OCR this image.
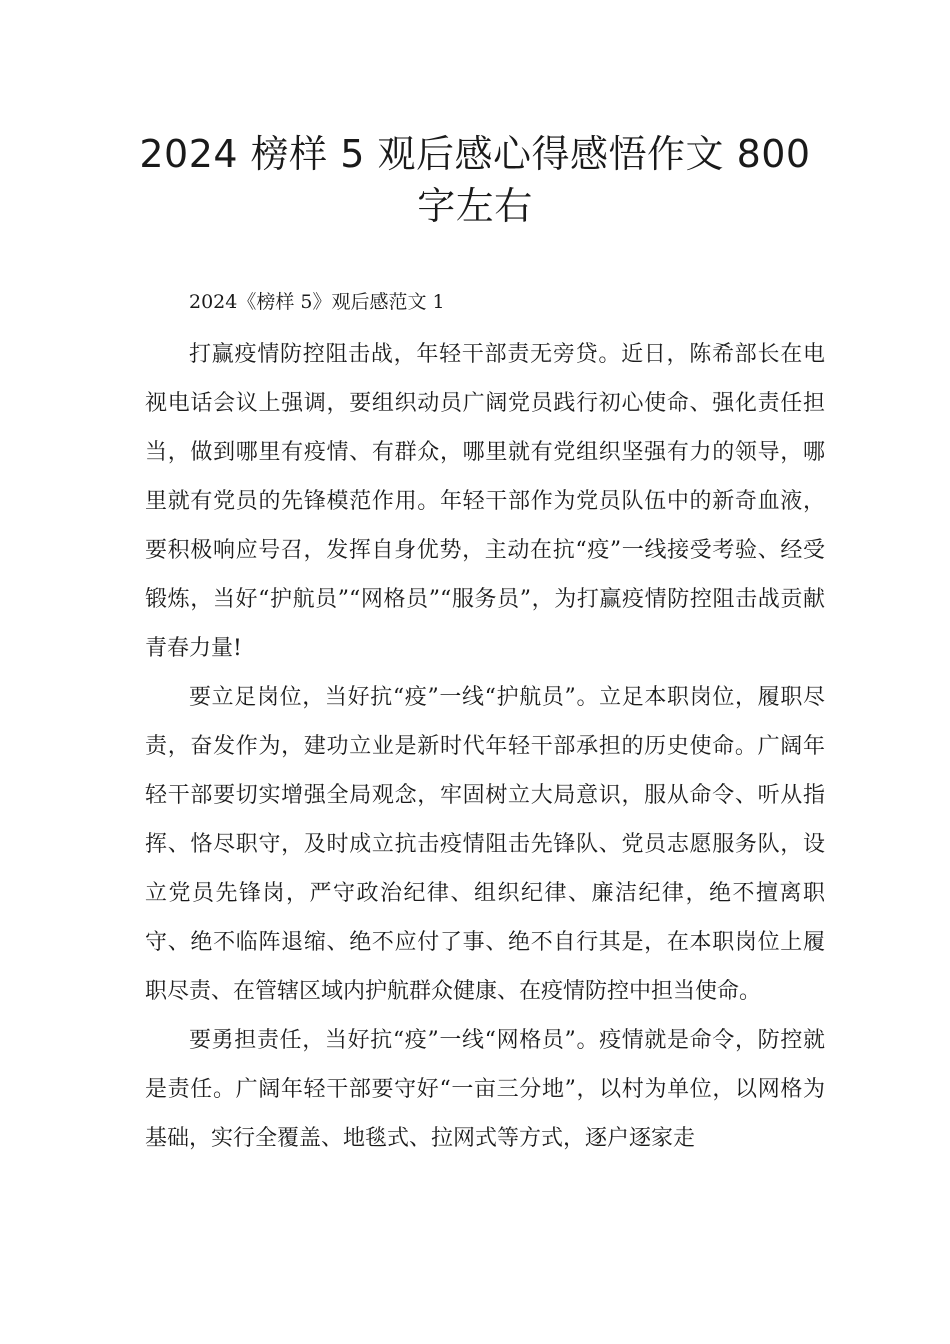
2024 榜样 5 观后感心得感悟作文 800 字左右

2024《榜样 5》观后感范文 1

打赢疫情防控阻击战，年轻干部责无旁贷。近日，陈希部长在电视电话会议上强调，要组织动员广阔党员践行初心使命、强化责任担当，做到哪里有疫情、有群众，哪里就有党组织坚强有力的领导，哪里就有党员的先锋模范作用。年轻干部作为党员队伍中的新奇血液，要积极响应号召，发挥自身优势，主动在抗“疫”一线接受考验、经受锻炼，当好“护航员”“网格员”“服务员”，为打赢疫情防控阻击战贡献青春力量!

要立足岗位，当好抗“疫”一线“护航员”。立足本职岗位，履职尽责，奋发作为，建功立业是新时代年轻干部承担的历史使命。广阔年轻干部要切实增强全局观念，牢固树立大局意识，服从命令、听从指挥、恪尽职守，及时成立抗击疫情阻击先锋队、党员志愿服务队，设立党员先锋岗，严守政治纪律、组织纪律、廉洁纪律，绝不擅离职守、绝不临阵退缩、绝不应付了事、绝不自行其是，在本职岗位上履职尽责、在管辖区域内护航群众健康、在疫情防控中担当使命。

要勇担责任，当好抗“疫”一线“网格员”。疫情就是命令，防控就是责任。广阔年轻干部要守好“一亩三分地”，以村为单位，以网格为基础，实行全覆盖、地毯式、拉网式等方式，逐户逐家走
